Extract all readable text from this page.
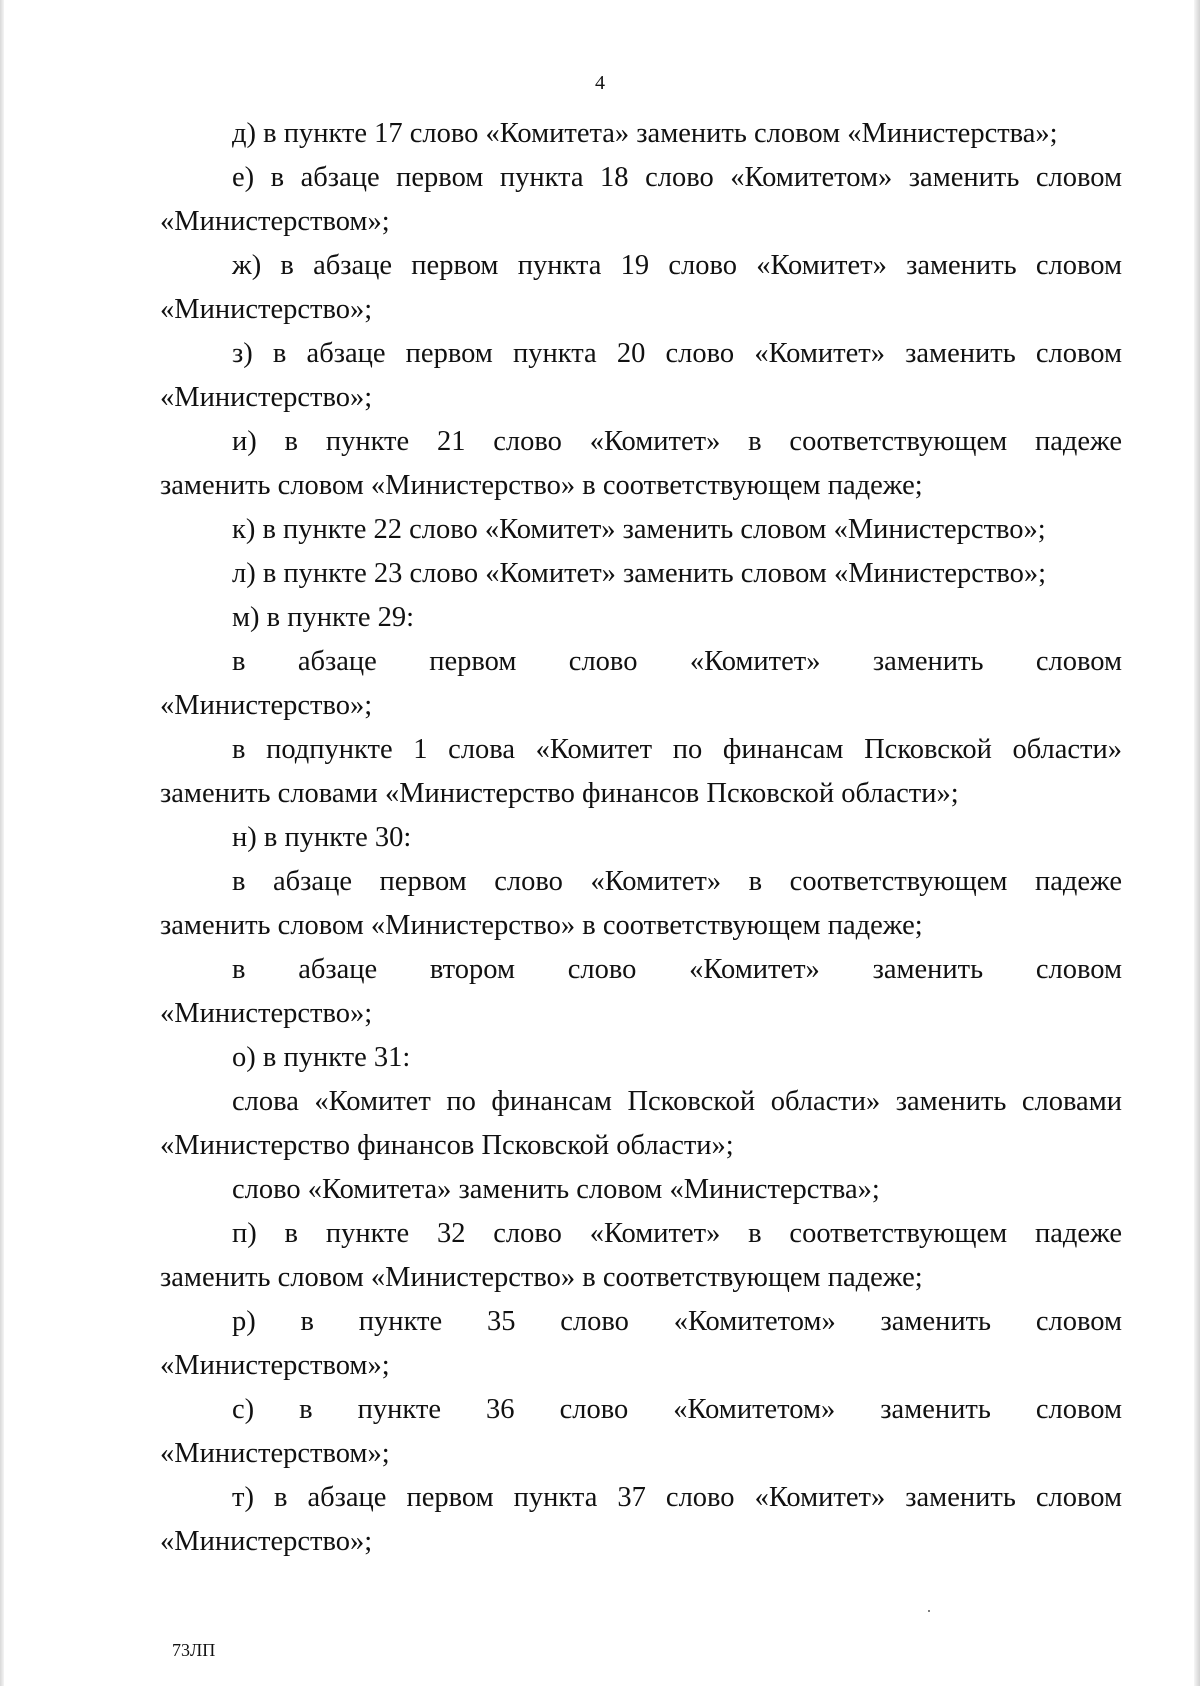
4

д) в пункте 17 слово «Комитета» заменить словом «Министерства»;

е) в абзаце первом пункта 18 слово «Комитетом» заменить словом

«Министерством»;

ж) в абзаце первом пункта 19 слово «Комитет» заменить словом

«Министерство»;

з) в абзаце первом пункта 20 слово «Комитет» заменить словом

«Министерство»;

и) в пункте 21 слово «Комитет» в соответствующем падеже

заменить словом «Министерство» в соответствующем падеже;

к) в пункте 22 слово «Комитет» заменить словом «Министерство»;

л) в пункте 23 слово «Комитет» заменить словом «Министерство»;

м) в пункте 29:

в абзаце первом слово «Комитет» заменить словом

«Министерство»;

в подпункте 1 слова «Комитет по финансам Псковской области»

заменить словами «Министерство финансов Псковской области»;

н) в пункте 30:

в абзаце первом слово «Комитет» в соответствующем падеже

заменить словом «Министерство» в соответствующем падеже;

в абзаце втором слово «Комитет» заменить словом

«Министерство»;

о) в пункте 31:

слова «Комитет по финансам Псковской области» заменить словами

«Министерство финансов Псковской области»;

слово «Комитета» заменить словом «Министерства»;

п) в пункте 32 слово «Комитет» в соответствующем падеже

заменить словом «Министерство» в соответствующем падеже;

р) в пункте 35 слово «Комитетом» заменить словом

«Министерством»;

с) в пункте 36 слово «Комитетом» заменить словом

«Министерством»;

т) в абзаце первом пункта 37 слово «Комитет» заменить словом

«Министерство»;

73ЛП
